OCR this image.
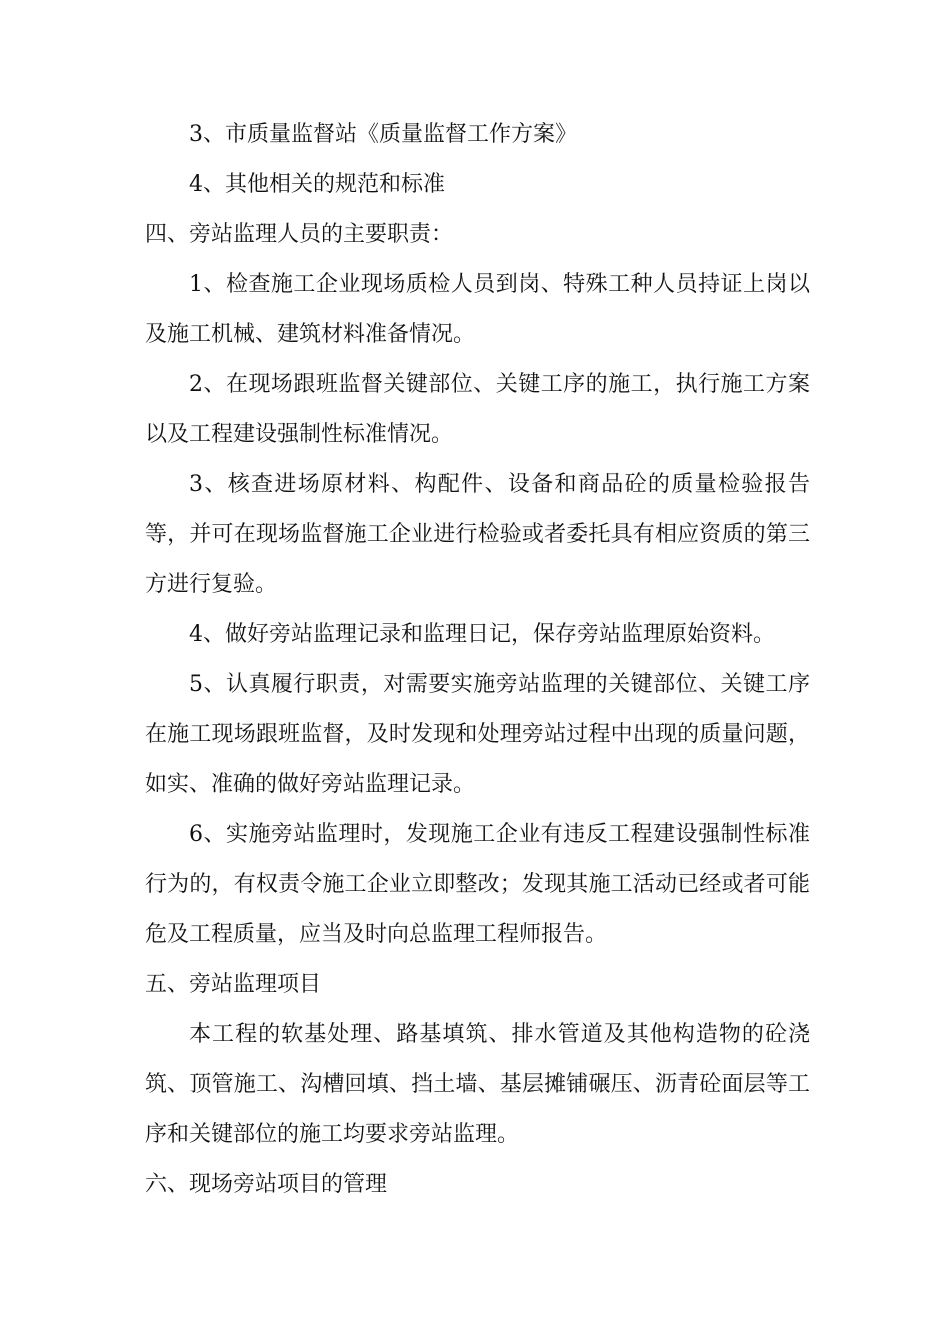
3、市质量监督站《质量监督工作方案》

4、其他相关的规范和标准

四、旁站监理人员的主要职责：

1、检查施工企业现场质检人员到岗、特殊工种人员持证上岗以及施工机械、建筑材料准备情况。

2、在现场跟班监督关键部位、关键工序的施工，执行施工方案以及工程建设强制性标准情况。

3、核查进场原材料、构配件、设备和商品砼的质量检验报告等，并可在现场监督施工企业进行检验或者委托具有相应资质的第三方进行复验。

4、做好旁站监理记录和监理日记，保存旁站监理原始资料。

5、认真履行职责，对需要实施旁站监理的关键部位、关键工序在施工现场跟班监督，及时发现和处理旁站过程中出现的质量问题，如实、准确的做好旁站监理记录。

6、实施旁站监理时，发现施工企业有违反工程建设强制性标准行为的，有权责令施工企业立即整改；发现其施工活动已经或者可能危及工程质量，应当及时向总监理工程师报告。

五、旁站监理项目

本工程的软基处理、路基填筑、排水管道及其他构造物的砼浇筑、顶管施工、沟槽回填、挡土墙、基层摊铺碾压、沥青砼面层等工序和关键部位的施工均要求旁站监理。

六、现场旁站项目的管理
